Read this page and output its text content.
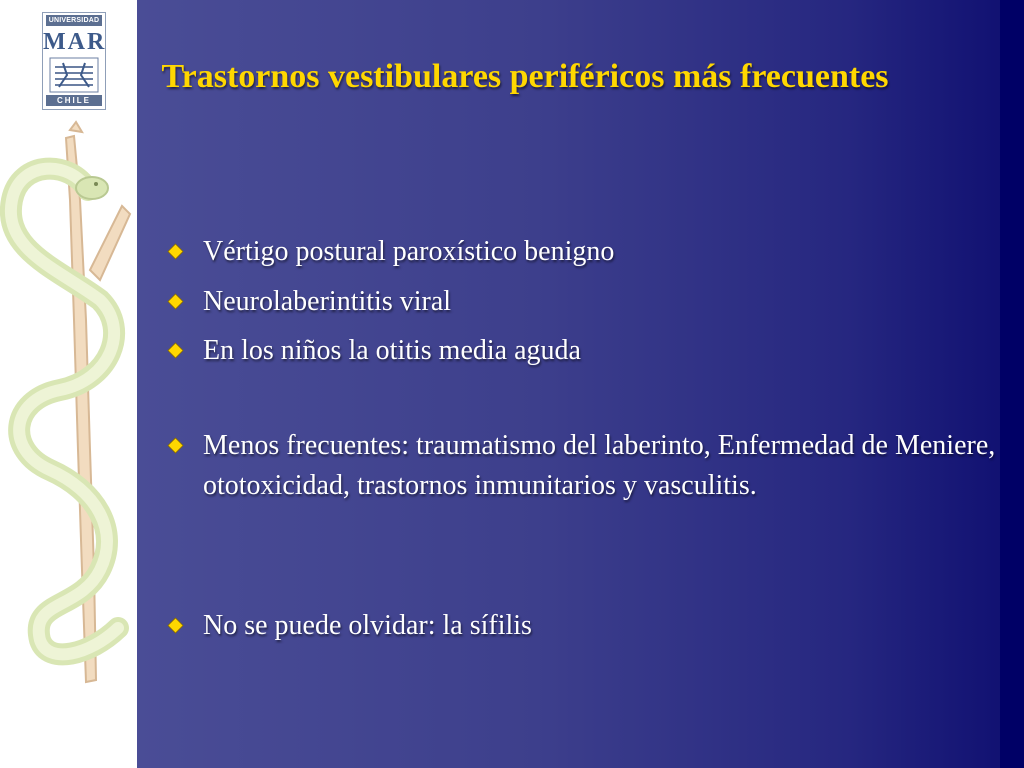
UNIVERSIDAD
MAR
CHILE
Trastornos vestibulares periféricos más frecuentes
Vértigo postural paroxístico benigno
Neurolaberintitis viral
En los niños la otitis media aguda
Menos frecuentes: traumatismo del laberinto, Enfermedad de Meniere, ototoxicidad, trastornos inmunitarios y vasculitis.
No se puede olvidar: la sífilis
